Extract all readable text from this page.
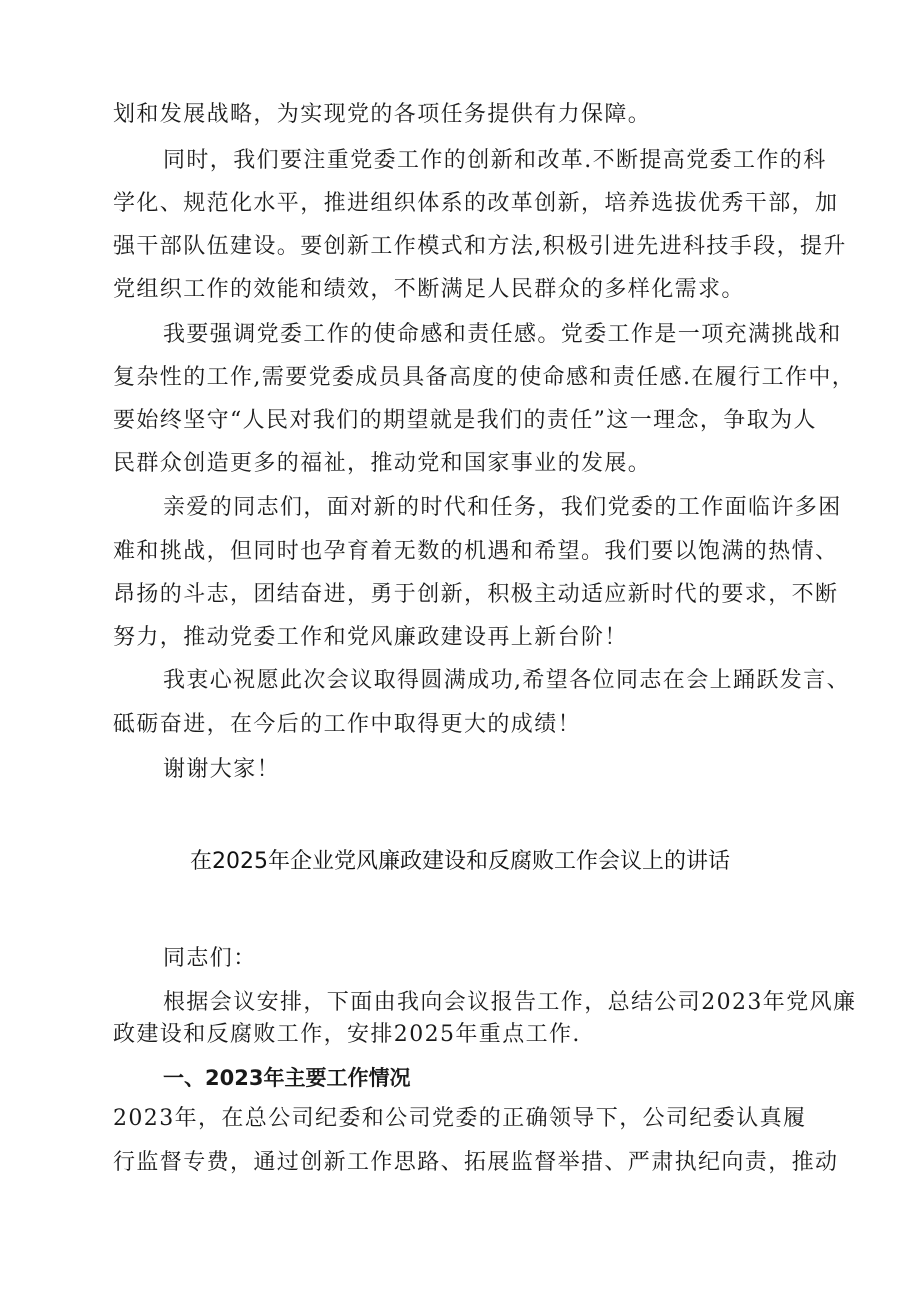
划和发展战略，为实现党的各项任务提供有力保障。
同时，我们要注重党委工作的创新和改革.不断提高党委工作的科
学化、规范化水平，推进组织体系的改革创新，培养选拔优秀干部，加
强干部队伍建设。要创新工作模式和方法,积极引进先进科技手段，提升
党组织工作的效能和绩效，不断满足人民群众的多样化需求。
我要强调党委工作的使命感和责任感。党委工作是一项充满挑战和
复杂性的工作,需要党委成员具备高度的使命感和责任感.在履行工作中，
要始终坚守“人民对我们的期望就是我们的责任”这一理念，争取为人
民群众创造更多的福祉，推动党和国家事业的发展。
亲爱的同志们，面对新的时代和任务，我们党委的工作面临许多困
难和挑战，但同时也孕育着无数的机遇和希望。我们要以饱满的热情、
昂扬的斗志，团结奋进，勇于创新，积极主动适应新时代的要求，不断
努力，推动党委工作和党风廉政建设再上新台阶！
我衷心祝愿此次会议取得圆满成功,希望各位同志在会上踊跃发言、
砥砺奋进，在今后的工作中取得更大的成绩！
谢谢大家！
在2025年企业党风廉政建设和反腐败工作会议上的讲话
同志们：
根据会议安排，下面由我向会议报告工作，总结公司2023年党风廉
政建设和反腐败工作，安排2025年重点工作.
一、2023年主要工作情况
2023年，在总公司纪委和公司党委的正确领导下，公司纪委认真履
行监督专费，通过创新工作思路、拓展监督举措、严肃执纪向责，推动
